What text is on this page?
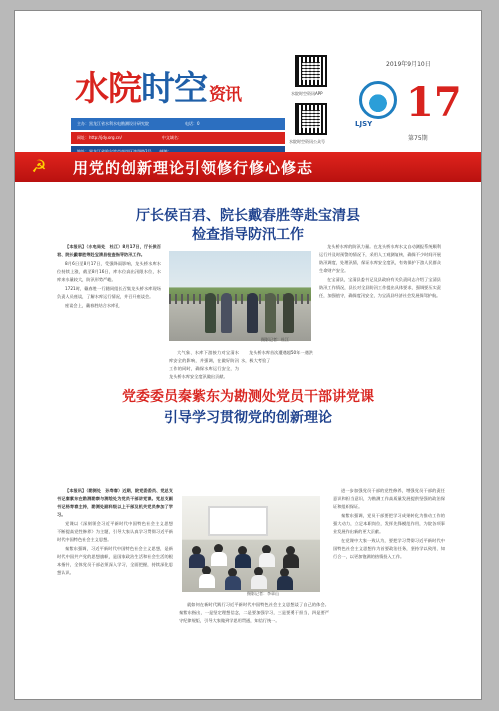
水院时空 资讯
主办：黑龙江省水利水电勘测设计研究院　　　　　　　　　电话：0
网址：http://jdy.org.cn/　　　　　　　　　　中文域名：
水院时空资讯APP
水院时空资讯公众号
LJSY
2019年9月10日
17
第75期
☭ 用党的创新理论引领修行修心修志
厅长侯百君、院长戴春胜等赴宝清县
检查指导防汛工作

【本报讯】（水电局处　杜江）8月17日，厅长侯百君、院长戴春胜等赴宝清县检查指导防汛工作。

8月6日至8月17日，受强降雨影响，龙头桥水库水位持续上涨，截至8月16日，库水位高出汛限水位，水库来水量较大，防汛形势严峻。

1721时，戴春胜一行随同组长召集龙头桥水库现场负责人员座谈，了解水库运行情况，并召开座谈会。

座谈会上，戴春胜结合水库孔

摄影记者：杜江

大气象、水库下游接力对宝清水库安全的影响，并强调，在做好防汛工作的同时，确保水库运行安全，为龙头桥水库安全度汛做出贡献。

龙头桥水库首次遭遇超50年一遇洪水，极大考验了

龙头桥水库的防汛力量。在龙头桥水库水文自动测报系统顺利运行并及时预警的情况下，采用人工观测复核，确保不少时间开展防汛调度，处理汛情，保证水库安全度汛，有效保护下游人民群众生命财产安全。

在宝清县，宝清县委书记及县政府有关负责同志介绍了宝清县防汛工作情况，县长对全县防汛工作提出具体要求，强调要压实责任，加强值守，确保度汛安全，为宝清县经济社会发展保驾护航。

党委委员秦紫东为勘测处党员干部讲党课
引导学习贯彻党的创新理论

【本报讯】（勘测处　孙寿春）近期，院党委委员、党总支书记秦紫东在勘测勘察与测绘处为党员干部讲党课。党总支副书记杨寿春主持，勘测处副科级以上干部及机关党员参加了学习。

党课以《深刻领会习近平新时代中国特色社会主义思想　不断提高党性修养》为主题，引导大家认真学习贯彻习近平新时代中国特色社会主义思想。

秦紫东强调，习近平新时代中国特色社会主义思想，是新时代中国共产党的思想旗帜，是国家政治生活和社会生活的根本指针，全体党员干部必须深入学习，全面把握，持续深化思想认识。

摄影记者：李章山

就如何在新时代践行习近平新时代中国特色社会主义思想谈了自己的体会。秦紫东指出，一是坚定理想信念，二是要加强学习，三是要勇于担当，四是要严守纪律规矩，引导大家做到学思用贯通，知信行统一。

进一步加强党员干部的党性修养，增强党员干部的责任意识和担当意识，为勘测工作高质量发展提供坚强的政治保证和组织保证。

秦紫东强调，党员干部要把学习成果转化为推动工作的强大动力，立足本职岗位，发挥先锋模范作用，为院各项事业发展作出新的更大贡献。

在党课中大家一致认为，要把学习贯彻习近平新时代中国特色社会主义思想作为首要政治任务，坚持学以致用、知行合一，以更加饱满的热情投入工作。
